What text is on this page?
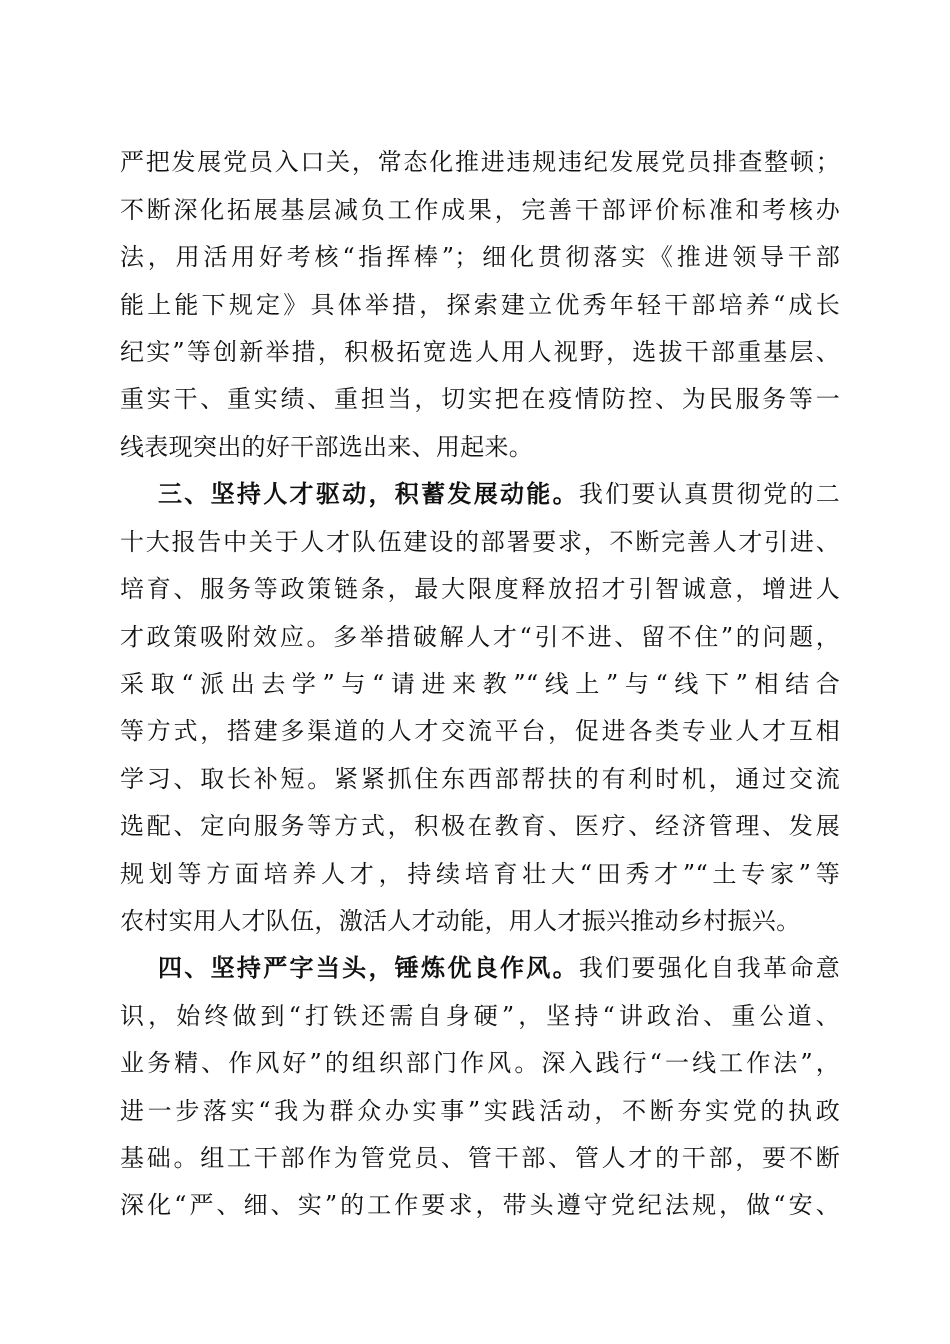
严把发展党员入口关，常态化推进违规违纪发展党员排查整顿；
不断深化拓展基层减负工作成果，完善干部评价标准和考核办
法，用活用好考核“指挥棒”；细化贯彻落实《推进领导干部
能上能下规定》具体举措，探索建立优秀年轻干部培养“成长
纪实”等创新举措，积极拓宽选人用人视野，选拔干部重基层、
重实干、重实绩、重担当，切实把在疫情防控、为民服务等一
线表现突出的好干部选出来、用起来。
三、坚持人才驱动，积蓄发展动能。我们要认真贯彻党的二
十大报告中关于人才队伍建设的部署要求，不断完善人才引进、
培育、服务等政策链条，最大限度释放招才引智诚意，增进人
才政策吸附效应。多举措破解人才“引不进、留不住”的问题，
采取“派出去学”与“请进来教”“线上”与“线下”相结合
等方式，搭建多渠道的人才交流平台，促进各类专业人才互相
学习、取长补短。紧紧抓住东西部帮扶的有利时机，通过交流
选配、定向服务等方式，积极在教育、医疗、经济管理、发展
规划等方面培养人才，持续培育壮大“田秀才”“土专家”等
农村实用人才队伍，激活人才动能，用人才振兴推动乡村振兴。
四、坚持严字当头，锤炼优良作风。我们要强化自我革命意
识，始终做到“打铁还需自身硬”，坚持“讲政治、重公道、
业务精、作风好”的组织部门作风。深入践行“一线工作法”，
进一步落实“我为群众办实事”实践活动，不断夯实党的执政
基础。组工干部作为管党员、管干部、管人才的干部，要不断
深化“严、细、实”的工作要求，带头遵守党纪法规，做“安、
